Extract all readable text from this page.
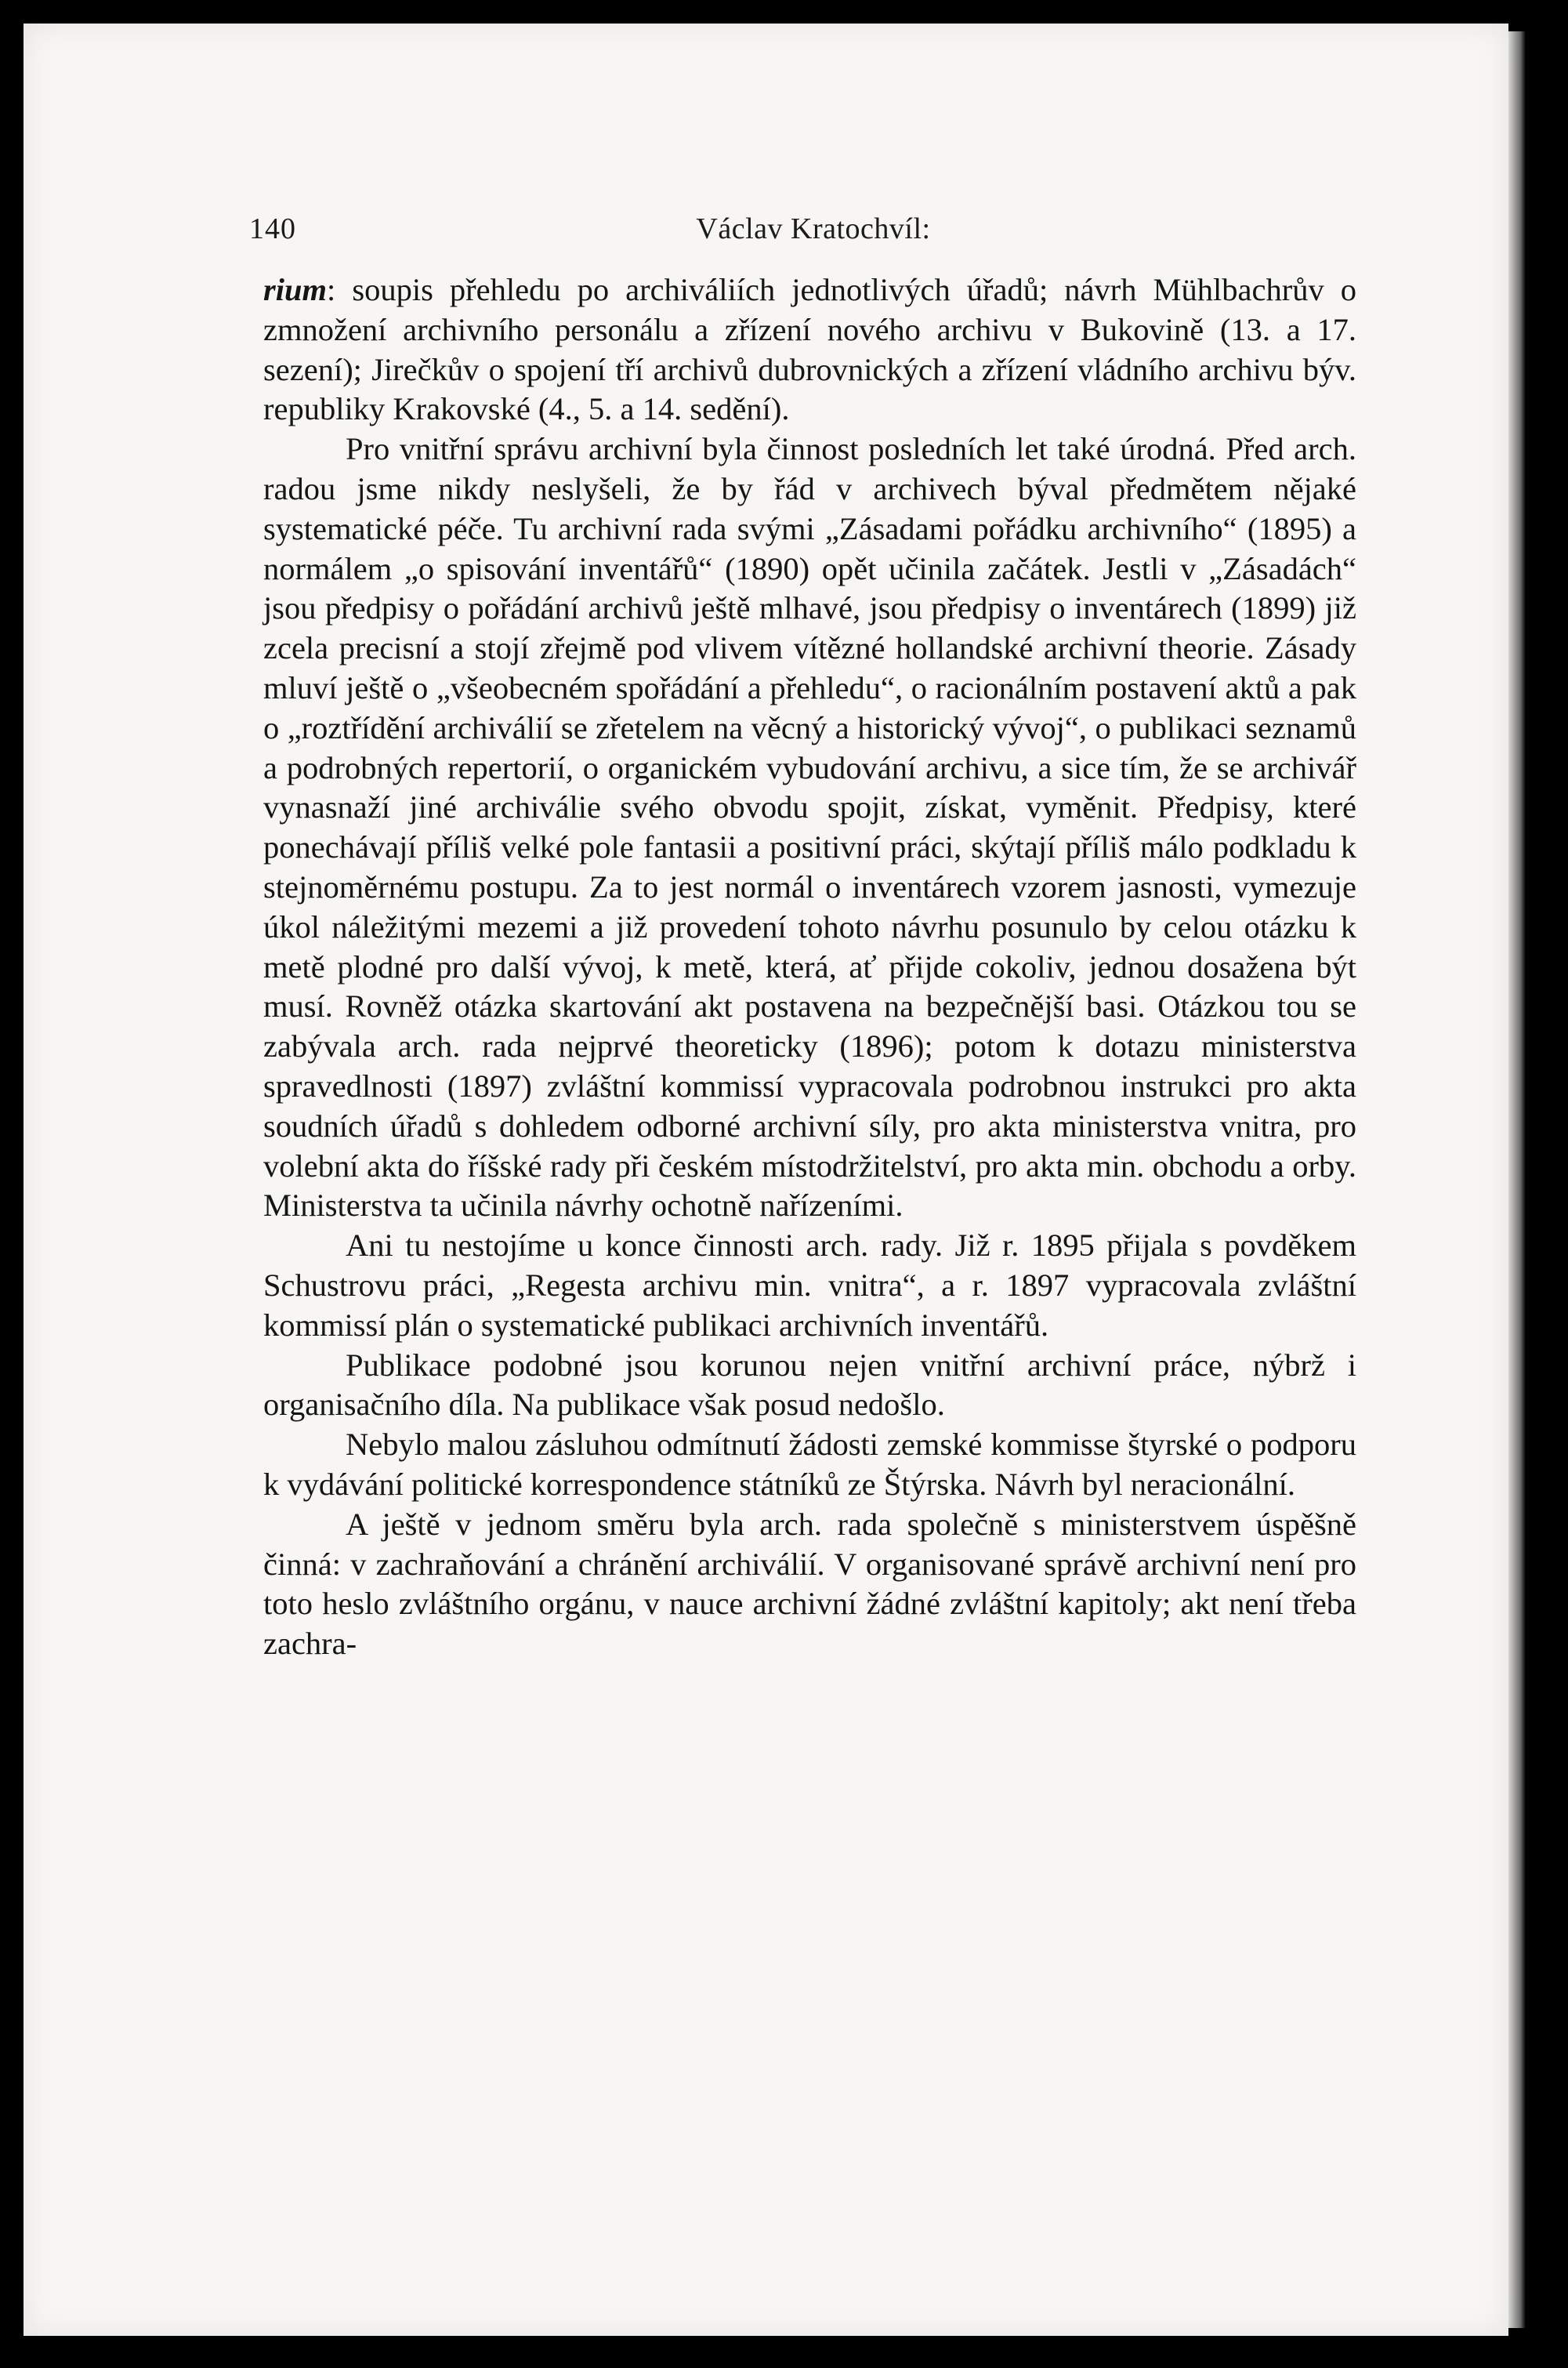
140	Václav Kratochvíl:

rium: soupis přehledu po archiváliích jednotlivých úřadů; návrh Mühlbachrův o zmnožení archivního personálu a zřízení nového archivu v Bukovině (13. a 17. sezení); Jirečkův o spojení tří archivů dubrovnických a zřízení vládního archivu býv. republiky Krakovské (4., 5. a 14. sedění).

Pro vnitřní správu archivní byla činnost posledních let také úrodná. Před arch. radou jsme nikdy neslyšeli, že by řád v archivech býval předmětem nějaké systematické péče. Tu archivní rada svými „Zásadami pořádku archivního“ (1895) a normálem „o spisování inventářů“ (1890) opět učinila začátek. Jestli v „Zásadách“ jsou předpisy o pořádání archivů ještě mlhavé, jsou předpisy o inventárech (1899) již zcela precisní a stojí zřejmě pod vlivem vítězné hollandské archivní theorie. Zásady mluví ještě o „všeobecném spořádání a přehledu“, o racionálním postavení aktů a pak o „roztřídění archiválií se zřetelem na věcný a historický vývoj“, o publikaci seznamů a podrobných repertorií, o organickém vybudování archivu, a sice tím, že se archivář vynasnaží jiné archiválie svého obvodu spojit, získat, vyměnit. Předpisy, které ponechávají příliš velké pole fantasii a positivní práci, skýtají příliš málo podkladu k stejnoměrnému postupu. Za to jest normál o inventárech vzorem jasnosti, vymezuje úkol náležitými mezemi a již provedení tohoto návrhu posunulo by celou otázku k metě plodné pro další vývoj, k metě, která, ať přijde cokoliv, jednou dosažena být musí. Rovněž otázka skartování akt postavena na bezpečnější basi. Otázkou tou se zabývala arch. rada nejprvé theoreticky (1896); potom k dotazu ministerstva spravedlnosti (1897) zvláštní kommissí vypracovala podrobnou instrukci pro akta soudních úřadů s dohledem odborné archivní síly, pro akta ministerstva vnitra, pro volební akta do říšské rady při českém místodržitelství, pro akta min. obchodu a orby. Ministerstva ta učinila návrhy ochotně nařízeními.

Ani tu nestojíme u konce činnosti arch. rady. Již r. 1895 přijala s povděkem Schustrovu práci, „Regesta archivu min. vnitra“, a r. 1897 vypracovala zvláštní kommissí plán o systematické publikaci archivních inventářů.

Publikace podobné jsou korunou nejen vnitřní archivní práce, nýbrž i organisačního díla. Na publikace však posud nedošlo.

Nebylo malou zásluhou odmítnutí žádosti zemské kommisse štyrské o podporu k vydávání politické korrespondence státníků ze Štýrska. Návrh byl neracionální.

A ještě v jednom směru byla arch. rada společně s ministerstvem úspěšně činná: v zachraňování a chránění archiválií. V organisované správě archivní není pro toto heslo zvláštního orgánu, v nauce archivní žádné zvláštní kapitoly; akt není třeba zachra-
